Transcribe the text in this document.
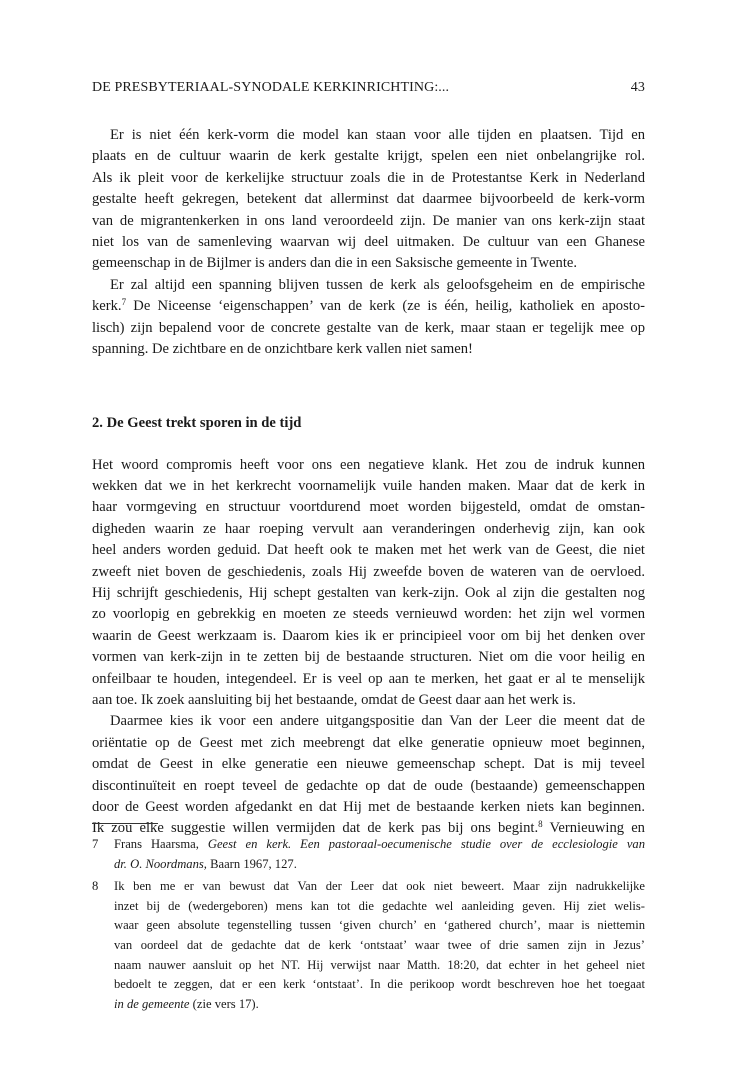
DE PRESBYTERIAAL-SYNODALE KERKINRICHTING:...	43
Er is niet één kerk-vorm die model kan staan voor alle tijden en plaatsen. Tijd en
plaats en de cultuur waarin de kerk gestalte krijgt, spelen een niet onbelangrijke rol.
Als ik pleit voor de kerkelijke structuur zoals die in de Protestantse Kerk in Nederland
gestalte heeft gekregen, betekent dat allerminst dat daarmee bijvoorbeeld de kerk-vorm
van de migrantenkerken in ons land veroordeeld zijn. De manier van ons kerk-zijn staat
niet los van de samenleving waarvan wij deel uitmaken. De cultuur van een Ghanese
gemeenschap in de Bijlmer is anders dan die in een Saksische gemeente in Twente.
Er zal altijd een spanning blijven tussen de kerk als geloofsgeheim en de empirische
kerk.$^7$ De Niceense ‘eigenschappen’ van de kerk (ze is één, heilig, katholiek en aposto-
lisch) zijn bepalend voor de concrete gestalte van de kerk, maar staan er tegelijk mee op
spanning. De zichtbare en de onzichtbare kerk vallen niet samen!
2. De Geest trekt sporen in de tijd
Het woord compromis heeft voor ons een negatieve klank. Het zou de indruk kunnen
wekken dat we in het kerkrecht voornamelijk vuile handen maken. Maar dat de kerk in
haar vormgeving en structuur voortdurend moet worden bijgesteld, omdat de omstan-
digheden waarin ze haar roeping vervult aan veranderingen onderhevig zijn, kan ook
heel anders worden geduid. Dat heeft ook te maken met het werk van de Geest, die niet
zweeft niet boven de geschiedenis, zoals Hij zweefde boven de wateren van de oervloed.
Hij schrijft geschiedenis, Hij schept gestalten van kerk-zijn. Ook al zijn die gestalten nog
zo voorlopig en gebrekkig en moeten ze steeds vernieuwd worden: het zijn wel vormen
waarin de Geest werkzaam is. Daarom kies ik er principieel voor om bij het denken over
vormen van kerk-zijn in te zetten bij de bestaande structuren. Niet om die voor heilig en
onfeilbaar te houden, integendeel. Er is veel op aan te merken, het gaat er al te menselijk
aan toe. Ik zoek aansluiting bij het bestaande, omdat de Geest daar aan het werk is.
Daarmee kies ik voor een andere uitgangspositie dan Van der Leer die meent dat de
oriëntatie op de Geest met zich meebrengt dat elke generatie opnieuw moet beginnen,
omdat de Geest in elke generatie een nieuwe gemeenschap schept. Dat is mij teveel
discontinuïteit en roept teveel de gedachte op dat de oude (bestaande) gemeenschappen
door de Geest worden afgedankt en dat Hij met de bestaande kerken niets kan beginnen.
Ik zou elke suggestie willen vermijden dat de kerk pas bij ons begint.$^8$ Vernieuwing en
7	Frans Haarsma, Geest en kerk. Een pastoraal-oecumenische studie over de ecclesiologie van
dr. O. Noordmans, Baarn 1967, 127.
8	Ik ben me er van bewust dat Van der Leer dat ook niet beweert. Maar zijn nadrukkelijke
inzet bij de (wedergeboren) mens kan tot die gedachte wel aanleiding geven. Hij ziet welis-
waar geen absolute tegenstelling tussen ‘given church’ en ‘gathered church’, maar is niettemin
van oordeel dat de gedachte dat de kerk ‘ontstaat’ waar twee of drie samen zijn in Jezus’
naam nauwer aansluit op het NT. Hij verwijst naar Matth. 18:20, dat echter in het geheel niet
bedoelt te zeggen, dat er een kerk ‘ontstaat’. In die perikoop wordt beschreven hoe het toegaat
in de gemeente (zie vers 17).
